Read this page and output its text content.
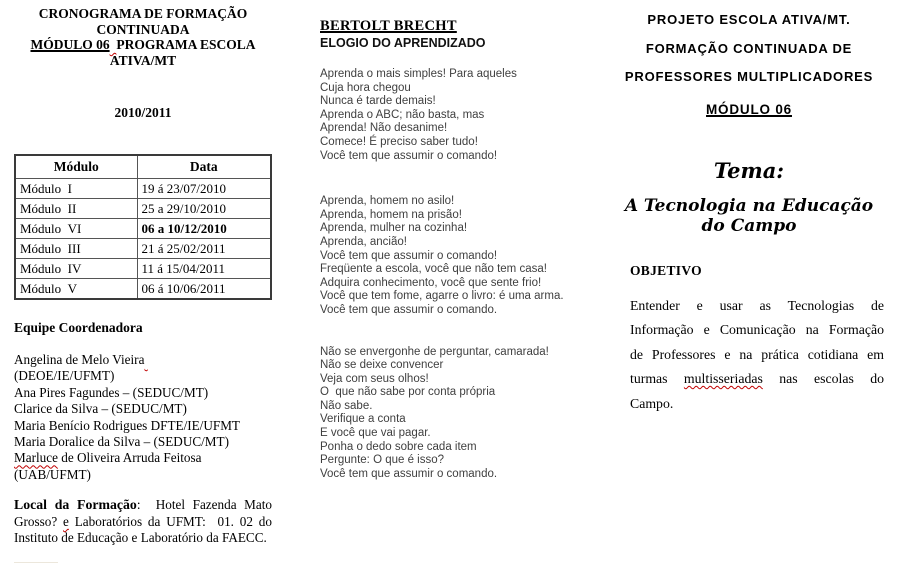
CRONOGRAMA DE FORMAÇÃO
CONTINUADA
MÓDULO 06 PROGRAMA ESCOLA
ATIVA/MT
2010/2011
Módulo	Data
Módulo  I	19 á 23/07/2010
Módulo  II	25 a 29/10/2010
Módulo  VI	06 a 10/12/2010
Módulo  III	21 á 25/02/2011
Módulo  IV	11 á 15/04/2011
Módulo  V	06 á 10/06/2011
Equipe Coordenadora
Angelina de Melo Vieira
(DEOE/IE/UFMT)
Ana Pires Fagundes – (SEDUC/MT)
Clarice da Silva – (SEDUC/MT)
Maria Benício Rodrigues DFTE/IE/UFMT
Maria Doralice da Silva – (SEDUC/MT)
Marluce de Oliveira Arruda Feitosa
(UAB/UFMT)
Local da Formação:  Hotel Fazenda Mato Grosso? e Laboratórios da UFMT:  01. 02 do Instituto de Educação e Laboratório da FAECC.
BERTOLT BRECHT
ELOGIO DO APRENDIZADO
Aprenda o mais simples! Para aqueles
Cuja hora chegou
Nunca é tarde demais!
Aprenda o ABC; não basta, mas
Aprenda! Não desanime!
Comece! É preciso saber tudo!
Você tem que assumir o comando!
Aprenda, homem no asilo!
Aprenda, homem na prisão!
Aprenda, mulher na cozinha!
Aprenda, ancião!
Você tem que assumir o comando!
Freqüente a escola, você que não tem casa!
Adquira conhecimento, você que sente frio!
Você que tem fome, agarre o livro: é uma arma.
Você tem que assumir o comando.
Não se envergonhe de perguntar, camarada!
Não se deixe convencer
Veja com seus olhos!
O  que não sabe por conta própria
Não sabe.
Verifique a conta
E você que vai pagar.
Ponha o dedo sobre cada item
Pergunte: O que é isso?
Você tem que assumir o comando.
PROJETO ESCOLA ATIVA/MT.
FORMAÇÃO CONTINUADA DE
PROFESSORES MULTIPLICADORES
MÓDULO 06
Tema:
A Tecnologia na Educação do Campo
OBJETIVO
Entender e usar as Tecnologias de Informação e Comunicação na Formação de Professores e na prática cotidiana em turmas multisseriadas nas escolas do Campo.
